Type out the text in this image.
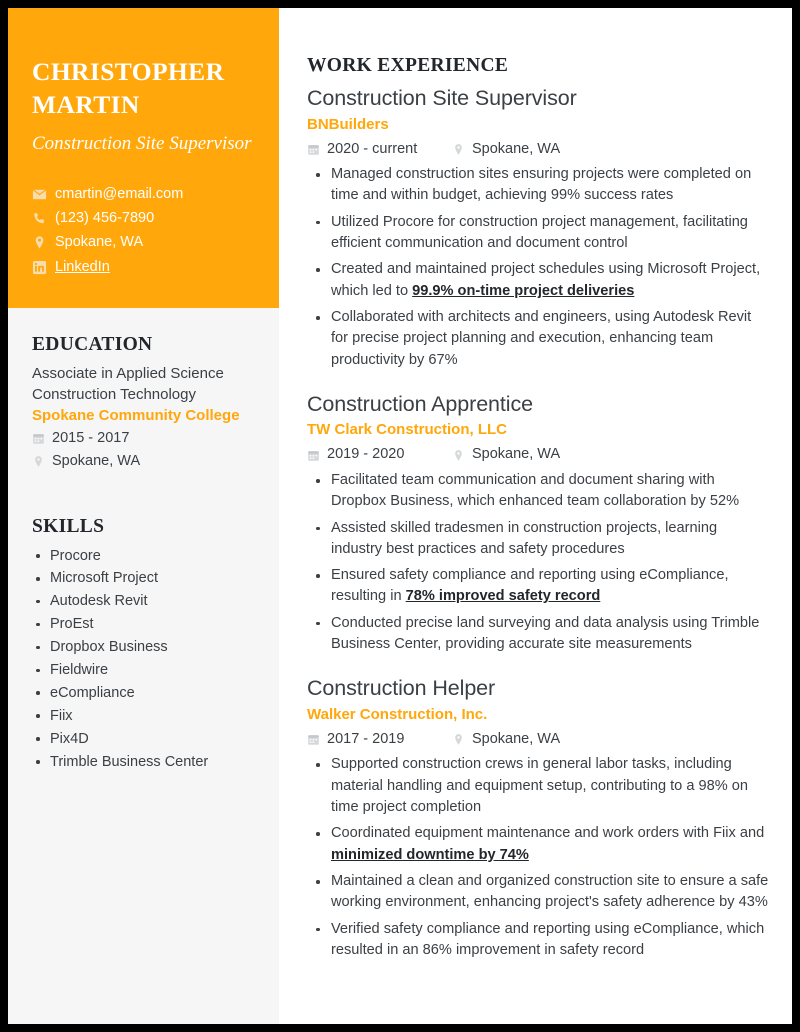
CHRISTOPHER MARTIN
Construction Site Supervisor
cmartin@email.com
(123) 456-7890
Spokane, WA
LinkedIn
EDUCATION
Associate in Applied Science
Construction Technology
Spokane Community College
2015 - 2017
Spokane, WA
SKILLS
Procore
Microsoft Project
Autodesk Revit
ProEst
Dropbox Business
Fieldwire
eCompliance
Fiix
Pix4D
Trimble Business Center
WORK EXPERIENCE
Construction Site Supervisor
BNBuilders
2020 - current	Spokane, WA
Managed construction sites ensuring projects were completed on time and within budget, achieving 99% success rates
Utilized Procore for construction project management, facilitating efficient communication and document control
Created and maintained project schedules using Microsoft Project, which led to 99.9% on-time project deliveries
Collaborated with architects and engineers, using Autodesk Revit for precise project planning and execution, enhancing team productivity by 67%
Construction Apprentice
TW Clark Construction, LLC
2019 - 2020	Spokane, WA
Facilitated team communication and document sharing with Dropbox Business, which enhanced team collaboration by 52%
Assisted skilled tradesmen in construction projects, learning industry best practices and safety procedures
Ensured safety compliance and reporting using eCompliance, resulting in 78% improved safety record
Conducted precise land surveying and data analysis using Trimble Business Center, providing accurate site measurements
Construction Helper
Walker Construction, Inc.
2017 - 2019	Spokane, WA
Supported construction crews in general labor tasks, including material handling and equipment setup, contributing to a 98% on time project completion
Coordinated equipment maintenance and work orders with Fiix and minimized downtime by 74%
Maintained a clean and organized construction site to ensure a safe working environment, enhancing project's safety adherence by 43%
Verified safety compliance and reporting using eCompliance, which resulted in an 86% improvement in safety record
